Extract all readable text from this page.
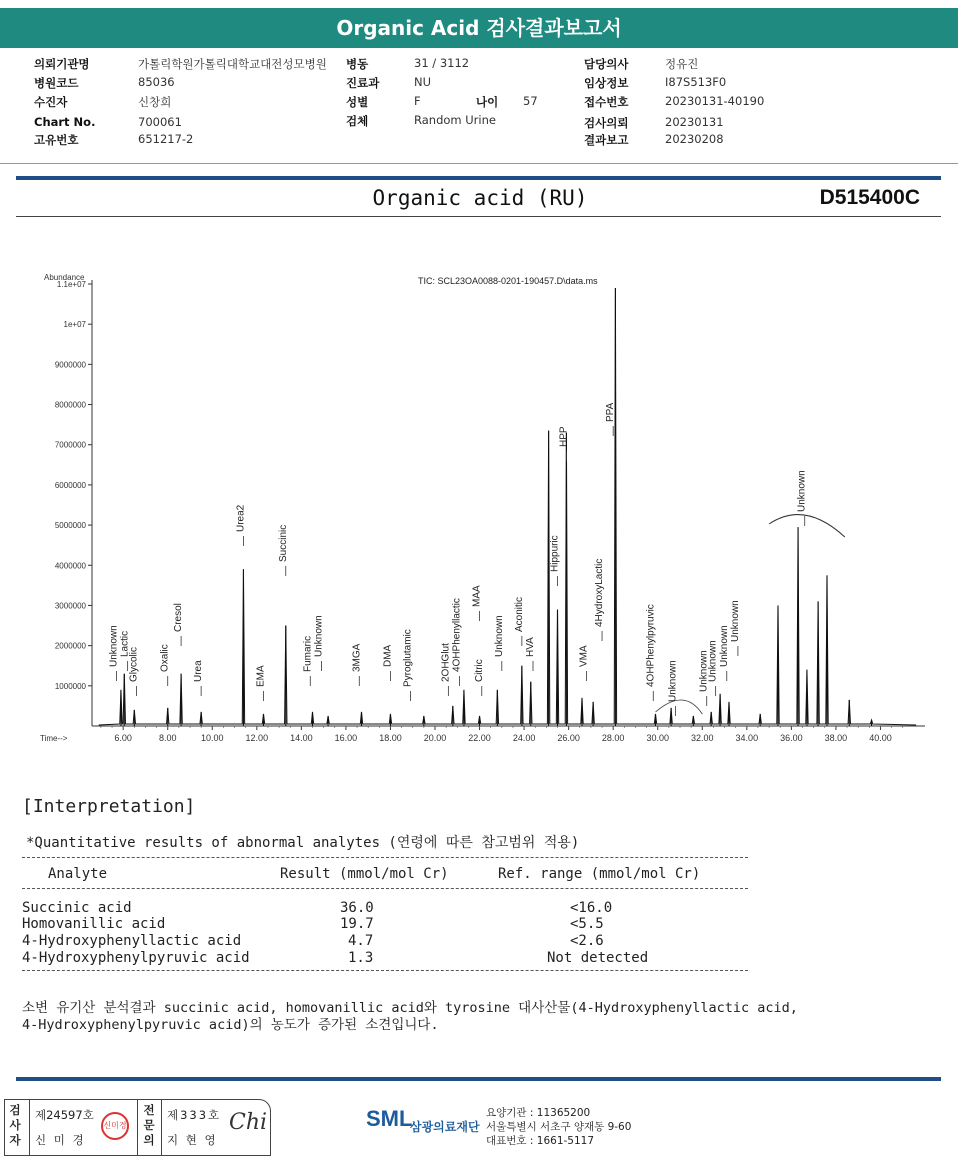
Organic Acid 검사결과보고서
의뢰기관명	가톨릭학원가톨릭대학교대전성모병원 병동	31 / 3112	담당의사	정유진
병원코드	85036	진료과	NU	임상정보	I87S513F0
수진자	신창희	성별	F	나이 57	접수번호	20230131-40190
Chart No.	700061	검체	Random Urine	검사의뢰	20230131
고유번호	651217-2	결과보고	20230208
Organic acid (RU)	D515400C
Abundance	TIC: SCL23OA0088-0201-190457.D\data.ms
Time-->
1.1e+07
1e+07
9000000
8000000
7000000
6000000
5000000
4000000
3000000
2000000
1000000
6.00	8.00	10.00 12.00 14.00 16.00 18.00 20.00 22.00 24.00 26.00 28.00 30.00 32.00 34.00 36.00 38.00 40.00
Unknown Lactic
Glycolic Oxalic
Cresol
Urea
Urea2
EMA
Succinic
Fumaric Unknown
3MGA DMA Pyroglutamic	2OHGlut 4OHPhenyllactic Citric
MAA
Unknown
Aconitic
HVA
HPP
Hippuric
PPA
VMA
4HydroxyLactic
4OHPhenylpyruvic Unknown Unknown
Unknown Unknown
Unknown
Unknown
[Interpretation]
*Quantitative results of abnormal analytes (연령에 따른 참고범위 적용)
Analyte	Result (mmol/mol Cr)	Ref. range (mmol/mol Cr)
Succinic acid	36.0	<16.0
Homovanillic acid	19.7	<5.5
4-Hydroxyphenyllactic acid	4.7	<2.6
4-Hydroxyphenylpyruvic acid	1.3	Not detected
소변 유기산 분석결과 succinic acid, homovanillic acid와 tyrosine 대사산물(4-Hydroxyphenyllactic acid,
4-Hydroxyphenylpyruvic acid)의 농도가 증가된 소견입니다.
검
사
자
제24597호
신 미 경
신미경
전
문
의
제333호
지 현 영
Chi	SML
삼광의료재단
요양기관 : 11365200
서울특별시 서초구 양재동 9-60
대표번호 : 1661-5117
